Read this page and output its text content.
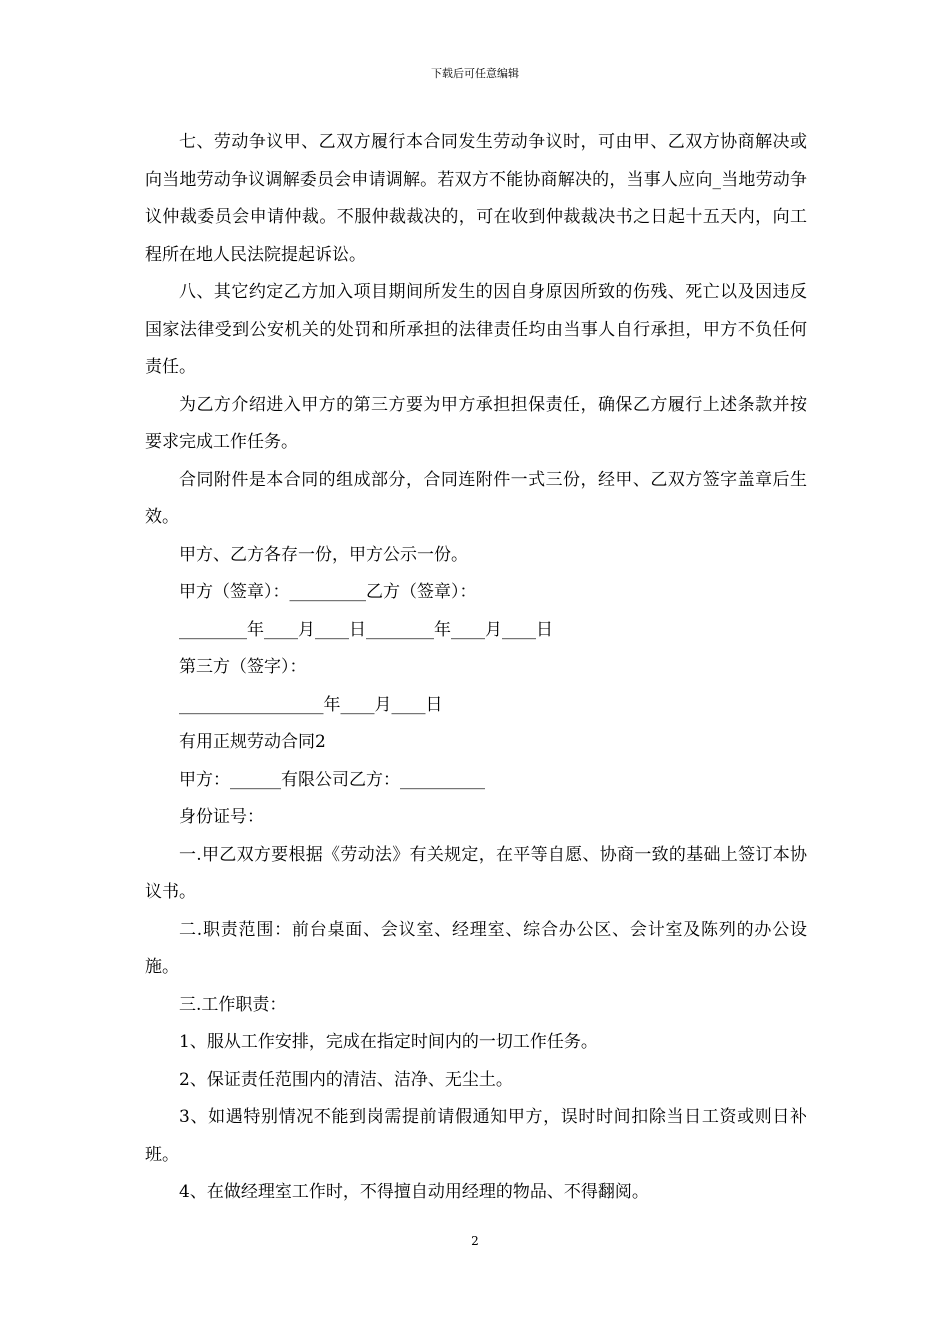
下载后可任意编辑

七、劳动争议甲、乙双方履行本合同发生劳动争议时，可由甲、乙双方协商解决或向当地劳动争议调解委员会申请调解。若双方不能协商解决的，当事人应向_当地劳动争议仲裁委员会申请仲裁。不服仲裁裁决的，可在收到仲裁裁决书之日起十五天内，向工程所在地人民法院提起诉讼。

八、其它约定乙方加入项目期间所发生的因自身原因所致的伤残、死亡以及因违反国家法律受到公安机关的处罚和所承担的法律责任均由当事人自行承担，甲方不负任何责任。

为乙方介绍进入甲方的第三方要为甲方承担担保责任，确保乙方履行上述条款并按要求完成工作任务。

合同附件是本合同的组成部分，合同连附件一式三份，经甲、乙双方签字盖章后生效。

甲方、乙方各存一份，甲方公示一份。

甲方（签章）：_________乙方（签章）：

________年____月____日________年____月____日

第三方（签字）：

_________________年____月____日

有用正规劳动合同2

甲方：______有限公司乙方：__________

身份证号：

一.甲乙双方要根据《劳动法》有关规定，在平等自愿、协商一致的基础上签订本协议书。

二.职责范围：前台桌面、会议室、经理室、综合办公区、会计室及陈列的办公设施。

三.工作职责：

1、服从工作安排，完成在指定时间内的一切工作任务。

2、保证责任范围内的清洁、洁净、无尘土。

3、如遇特别情况不能到岗需提前请假通知甲方，误时时间扣除当日工资或则日补班。

4、在做经理室工作时，不得擅自动用经理的物品、不得翻阅。

2
